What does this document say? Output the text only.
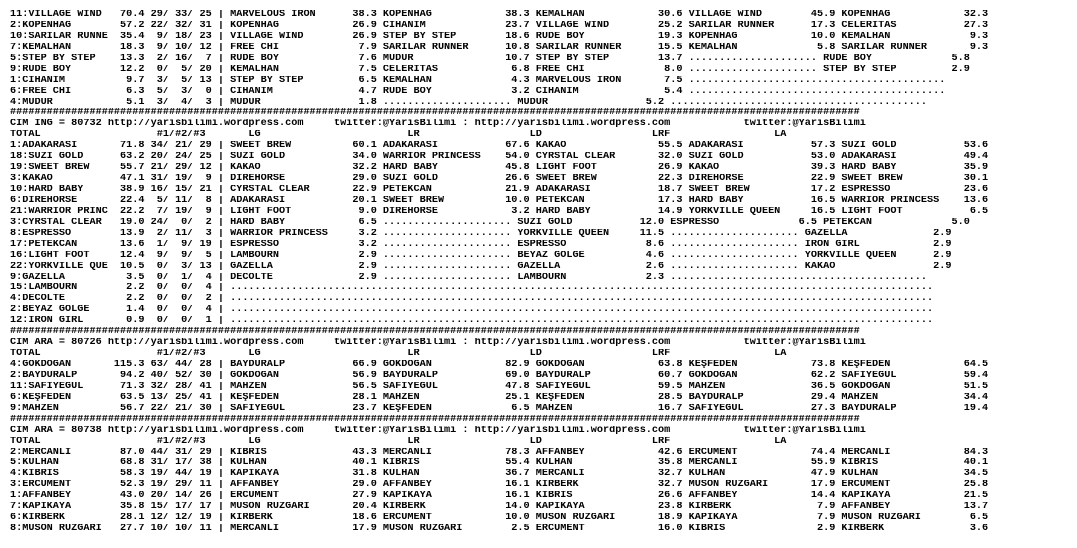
11:VILLAGE WIND   70.4 29/ 33/ 25 | MARVELOUS IRON      38.3 KOPENHAG            38.3 KEMALHAN            30.6 VILLAGE WIND        45.9 KOPENHAG            32.3
2:KOPENHAG        57.2 22/ 32/ 31 | KOPENHAG            26.9 CİHANIM             23.7 VILLAGE WIND        25.2 SARILAR RUNNER      17.3 CELERITAS           27.3
10:SARILAR RUNNE  35.4  9/ 18/ 23 | VILLAGE WIND        26.9 STEP BY STEP        18.6 RUDE BOY            19.3 KOPENHAG            10.0 KEMALHAN             9.3
7:KEMALHAN        18.3  9/ 10/ 12 | FREE CHI             7.9 SARILAR RUNNER      10.8 SARILAR RUNNER      15.5 KEMALHAN             5.8 SARILAR RUNNER       9.3
5:STEP BY STEP    13.3  2/ 16/  7 | RUDE BOY             7.6 MÜDÜR               10.7 STEP BY STEP        13.7 ..................... RUDE BOY             5.8
9:RUDE BOY        12.2  0/  5/ 20 | KEMALHAN             7.5 CELERITAS            6.8 FREE CHI             8.0 ..................... STEP BY STEP         2.9
1:CİHANIM          9.7  3/  5/ 13 | STEP BY STEP         6.5 KEMALHAN             4.3 MARVELOUS IRON       7.5 ..........................................
6:FREE CHI         6.3  5/  3/  0 | CİHANIM              4.7 RUDE BOY             3.2 CİHANIM              5.4 ..........................................
4:MÜDÜR            5.1  3/  4/  3 | MÜDÜR                1.8 ..................... MÜDÜR                5.2 ..........................................
###########################################################################################################################################
CIM ING = 80732 http://yarisbilimi.wordpress.com     twitter:@YarisBilimi : http://yarisbilimi.wordpress.com            twitter:@YarisBilimi
TOTAL                   #1/#2/#3       LG                        LR                  LD                  LRF                 LA
1:ADAKARASI       71.8 34/ 21/ 29 | SWEET BREW          60.1 ADAKARASI           67.6 KAKAO               55.5 ADAKARASI           57.3 SUZİ GOLD           53.6
18:SUZİ GOLD      63.2 20/ 24/ 25 | SUZİ GOLD           34.0 WARRIOR PRINCESS    54.0 CYRSTAL CLEAR       32.0 SUZİ GOLD           53.0 ADAKARASI           49.4
19:SWEET BREW     55.7 21/ 29/ 12 | KAKAO               32.2 HARD BABY           45.8 LIGHT FOOT          26.9 KAKAO               39.3 HARD BABY           35.9
3:KAKAO           47.1 31/ 19/  9 | DIREHORSE           29.0 SUZİ GOLD           26.6 SWEET BREW          22.3 DIREHORSE           22.9 SWEET BREW          30.1
10:HARD BABY      38.9 16/ 15/ 21 | CYRSTAL CLEAR       22.9 PETEKCAN            21.9 ADAKARASI           18.7 SWEET BREW          17.2 ESPRESSO            23.6
6:DIREHORSE       22.4  5/ 11/  8 | ADAKARASI           20.1 SWEET BREW          10.0 PETEKCAN            17.3 HARD BABY           16.5 WARRIOR PRINCESS    13.6
21:WARRIOR PRINC  22.2  7/ 19/  9 | LIGHT FOOT           9.0 DIREHORSE            3.2 HARD BABY           14.9 YORKVILLE QUEEN     16.5 LIGHT FOOT           6.5
3:CYRSTAL CLEAR   19.0 24/  0/  2 | HARD BABY            6.5 ..................... SUZİ GOLD           12.0 ESPRESSO             6.5 PETEKCAN             5.0
8:ESPRESSO        13.9  2/ 11/  3 | WARRIOR PRINCESS     3.2 ..................... YORKVILLE QUEEN     11.5 ..................... GAZELLA              2.9
17:PETEKCAN       13.6  1/  9/ 19 | ESPRESSO             3.2 ..................... ESPRESSO             8.6 ..................... IRON GIRL            2.9
16:LIGHT FOOT     12.4  9/  9/  5 | LAMBOURN             2.9 ..................... BEYAZ GÖLGE          4.6 ..................... YORKVILLE QUEEN      2.9
22:YORKVILLE QUE  10.5  0/  3/ 13 | GAZELLA              2.9 ..................... GAZELLA              2.6 ..................... KAKAO                2.9
9:GAZELLA          3.5  0/  1/  4 | DECOLTE              2.9 ..................... LAMBOURN             2.3 ..........................................
15:LAMBOURN        2.2  0/  0/  4 | ...................................................................................................................
4:DECOLTE          2.2  0/  0/  2 | ...................................................................................................................
2:BEYAZ GÖLGE      1.4  0/  0/  4 | ...................................................................................................................
12:IRON GIRL       0.9  0/  0/  1 | ...................................................................................................................
###########################################################################################################################################
CIM ARA = 80726 http://yarisbilimi.wordpress.com     twitter:@YarisBilimi : http://yarisbilimi.wordpress.com            twitter:@YarisBilimi
TOTAL                   #1/#2/#3       LG                        LR                  LD                  LRF                 LA
4:GÖKDOĞAN       115.3 63/ 44/ 28 | BAYDURALP           66.9 GÖKDOĞAN            82.9 GÖKDOĞAN            63.8 KEŞFEDEN            73.8 KEŞFEDEN            64.5
2:BAYDURALP       94.2 40/ 52/ 30 | GÖKDOĞAN            56.9 BAYDURALP           69.0 BAYDURALP           60.7 GÖKDOĞAN            62.2 SAFİYEGÜL           59.4
11:SAFİYEGÜL      71.3 32/ 28/ 41 | MAHZEN              56.5 SAFİYEGÜL           47.8 SAFİYEGÜL           59.5 MAHZEN              36.5 GÖKDOĞAN            51.5
6:KEŞFEDEN        63.5 13/ 25/ 41 | KEŞFEDEN            28.1 MAHZEN              25.1 KEŞFEDEN            28.5 BAYDURALP           29.4 MAHZEN              34.4
9:MAHZEN          56.7 22/ 21/ 30 | SAFİYEGÜL           23.7 KEŞFEDEN             6.5 MAHZEN              16.7 SAFİYEGÜL           27.3 BAYDURALP           19.4
###########################################################################################################################################
CIM ARA = 80738 http://yarisbilimi.wordpress.com     twitter:@YarisBilimi : http://yarisbilimi.wordpress.com            twitter:@YarisBilimi
TOTAL                   #1/#2/#3       LG                        LR                  LD                  LRF                 LA
2:MERCANLI        87.0 44/ 31/ 29 | KIBRIS              43.3 MERCANLI            78.3 AFFANBEY            42.6 ERCÜMENT            74.4 MERCANLI            84.3
5:KÜLHAN          68.8 31/ 17/ 38 | KÜLHAN              40.1 KIBRIS              55.4 KÜLHAN              35.8 MERCANLI            55.9 KIBRIS              40.1
4:KIBRIS          58.3 19/ 44/ 19 | KAPIKAYA            31.8 KÜLHAN              36.7 MERCANLI            32.7 KÜLHAN              47.9 KÜLHAN              34.5
3:ERCÜMENT        52.3 19/ 29/ 11 | AFFANBEY            29.0 AFFANBEY            16.1 KIRBERK             32.7 MUSON RÜZGARI       17.9 ERCÜMENT            25.8
1:AFFANBEY        43.0 20/ 14/ 26 | ERCÜMENT            27.9 KAPIKAYA            16.1 KIBRIS              26.6 AFFANBEY            14.4 KAPIKAYA            21.5
7:KAPIKAYA        35.8 15/ 17/ 17 | MUSON RÜZGARI       20.4 KIRBERK             14.0 KAPIKAYA            23.8 KIRBERK              7.9 AFFANBEY            13.7
6:KIRBERK         28.1 12/ 12/ 19 | KIRBERK             18.6 ERCÜMENT            10.0 MUSON RÜZGARI       18.9 KAPIKAYA             7.9 MUSON RÜZGARI        6.5
8:MUSON RÜZGARI   27.7 10/ 10/ 11 | MERCANLI            17.9 MUSON RÜZGARI        2.5 ERCÜMENT            16.0 KIBRIS               2.9 KIRBERK              3.6
